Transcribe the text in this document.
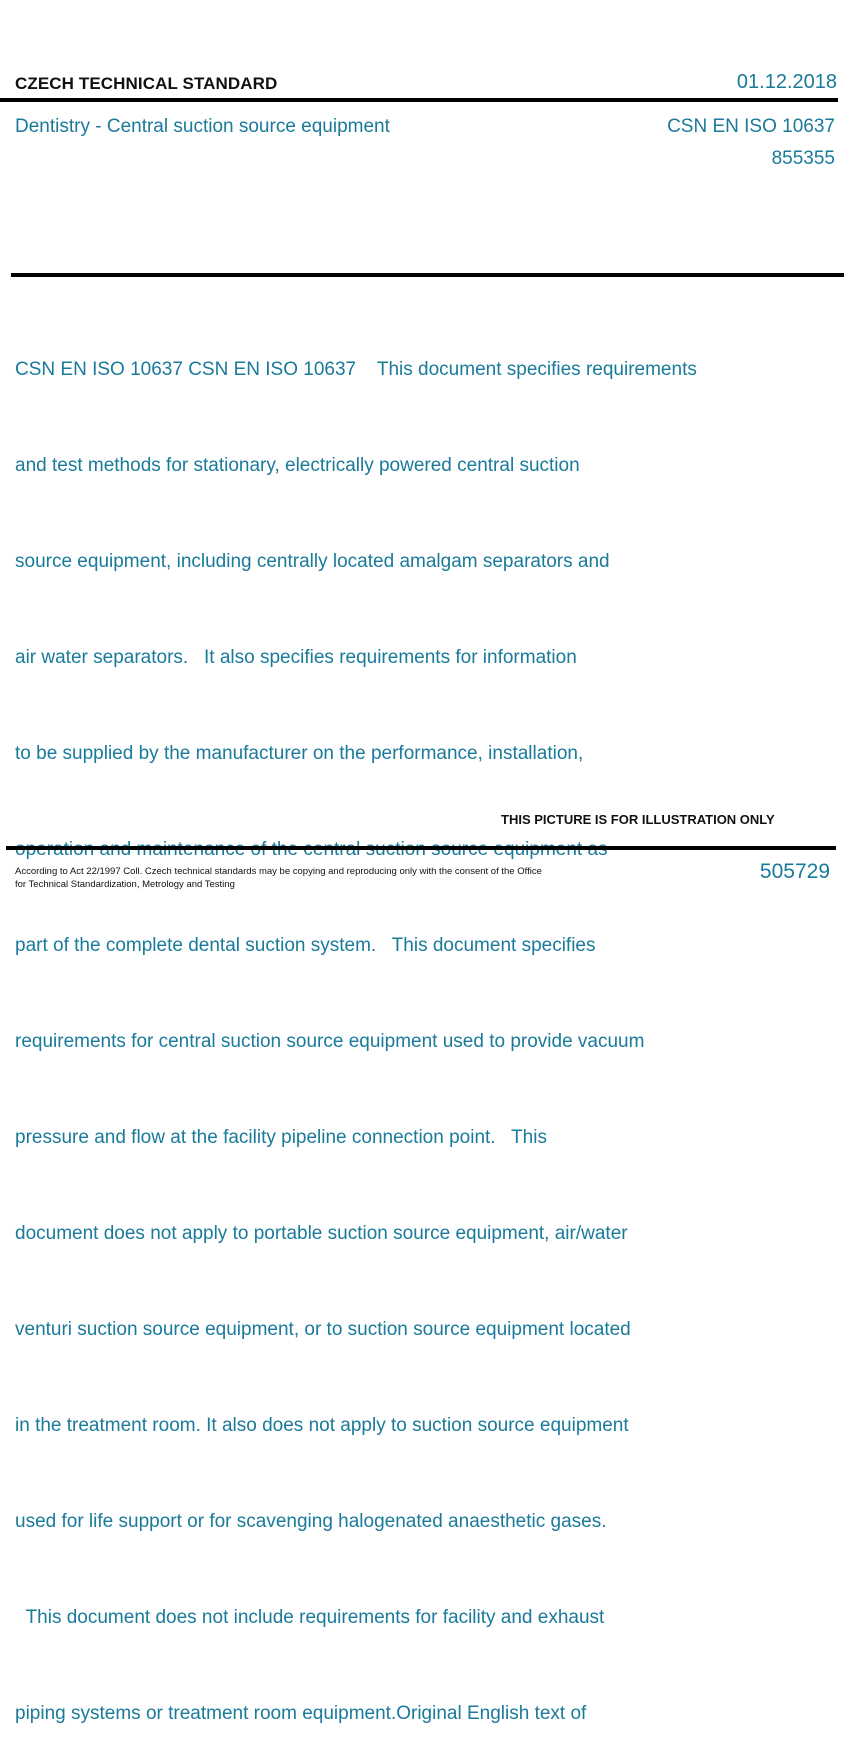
CZECH TECHNICAL STANDARD	01.12.2018
Dentistry - Central suction source equipment	CSN EN ISO 10637
855355

CSN EN ISO 10637 CSN EN ISO 10637    This document specifies requirements

and test methods for stationary, electrically powered central suction

source equipment, including centrally located amalgam separators and

air water separators.   It also specifies requirements for information

to be supplied by the manufacturer on the performance, installation,

part of the complete dental suction system.   This document specifies

requirements for central suction source equipment used to provide vacuum

pressure and flow at the facility pipeline connection point.   This

document does not apply to portable suction source equipment, air/water

venturi suction source equipment, or to suction source equipment located

in the treatment room. It also does not apply to suction source equipment

used for life support or for scavenging halogenated anaesthetic gases.

This document does not include requirements for facility and exhaust

piping systems or treatment room equipment.Original English text of

THIS PICTURE IS FOR ILLUSTRATION ONLY
According to Act 22/1997 Coll. Czech technical standards may be copying and reproducing only with the consent of the Office
for Technical Standardization, Metrology and Testing
505729
